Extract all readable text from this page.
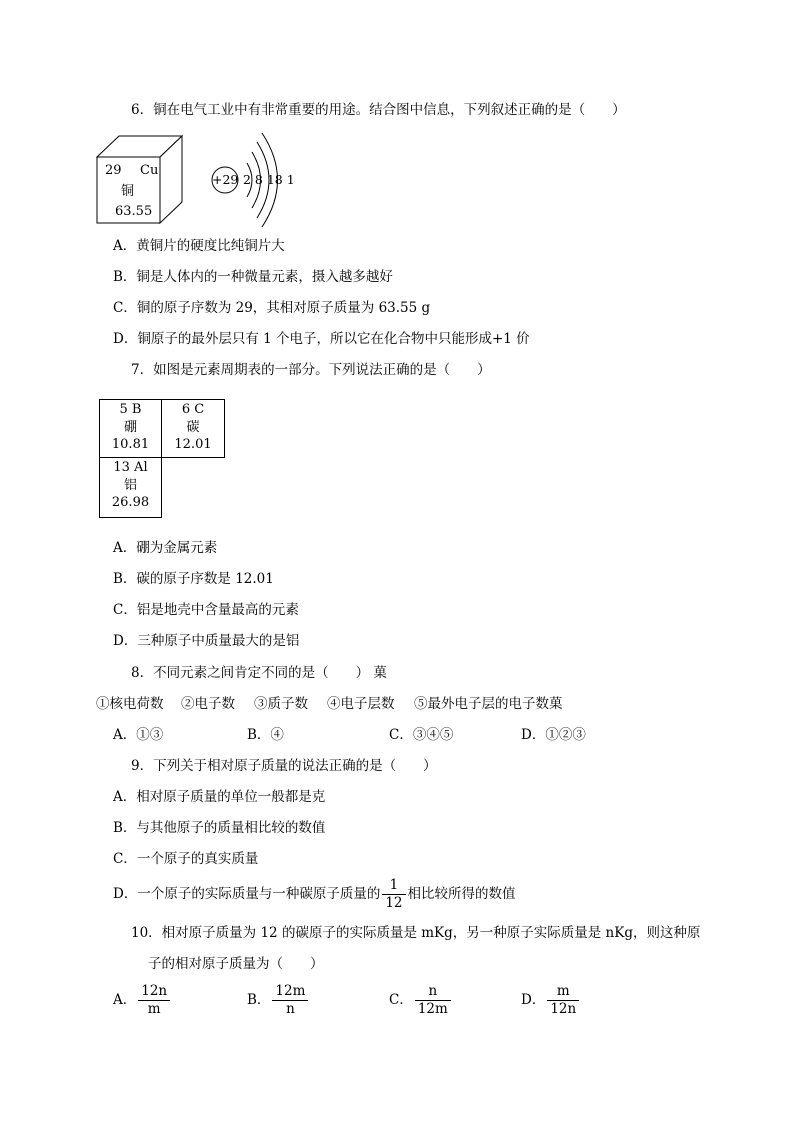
6．铜在电气工业中有非常重要的用途。结合图中信息，下列叙述正确的是（　　）
29 Cu
铜
63.55
+29 2 8 18 1
A．黄铜片的硬度比纯铜片大
B．铜是人体内的一种微量元素，摄入越多越好
C．铜的原子序数为 29，其相对原子质量为 63.55 g
D．铜原子的最外层只有 1 个电子，所以它在化合物中只能形成+1 价
7．如图是元素周期表的一部分。下列说法正确的是（　　）
5 B
硼
10.81
6 C
碳
12.01
13 Al
铝
26.98
A．硼为金属元素
B．碳的原子序数是 12.01
C．铝是地壳中含量最高的元素
D．三种原子中质量最大的是铝
8．不同元素之间肯定不同的是（　　） 菓
①核电荷数 ②电子数 ③质子数 ④电子层数 ⑤最外电子层的电子数菓
A．①③	B．④	C．③④⑤	D．①②③
9．下列关于相对原子质量的说法正确的是（　　）
A．相对原子质量的单位一般都是克
B．与其他原子的质量相比较的数值
C．一个原子的真实质量
D．一个原子的实际质量与一种碳原子质量的 $\frac{1}{12}$ 相比较所得的数值
10．相对原子质量为 12 的碳原子的实际质量是 mKg，另一种原子实际质量是 nKg，则这种原
子的相对原子质量为（　　）
A． $\frac{12n}{m}$	B． $\frac{12m}{n}$	C． $\frac{n}{12m}$	D． $\frac{m}{12n}$
